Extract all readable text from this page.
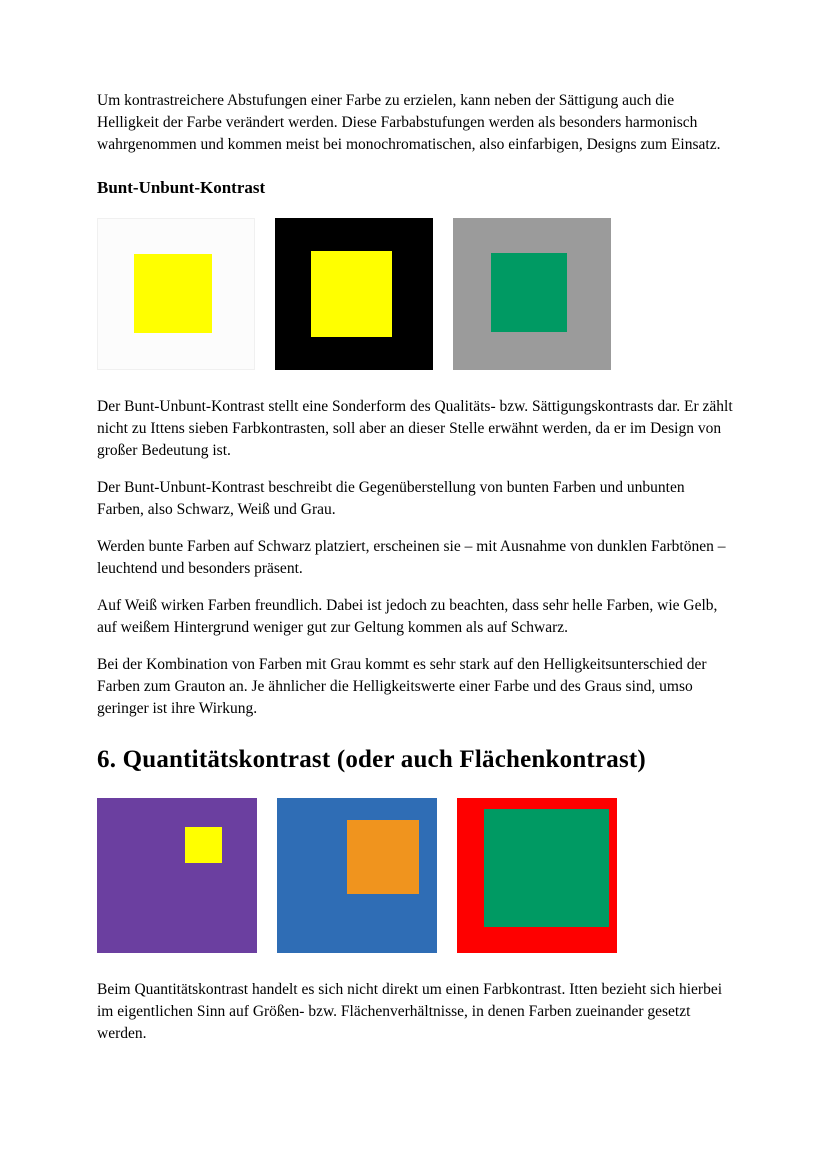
Um kontrastreichere Abstufungen einer Farbe zu erzielen, kann neben der Sättigung auch die Helligkeit der Farbe verändert werden. Diese Farbabstufungen werden als besonders harmonisch wahrgenommen und kommen meist bei monochromatischen, also einfarbigen, Designs zum Einsatz.

Bunt-Unbunt-Kontrast

Der Bunt-Unbunt-Kontrast stellt eine Sonderform des Qualitäts- bzw. Sättigungskontrasts dar. Er zählt nicht zu Ittens sieben Farbkontrasten, soll aber an dieser Stelle erwähnt werden, da er im Design von großer Bedeutung ist.

Der Bunt-Unbunt-Kontrast beschreibt die Gegenüberstellung von bunten Farben und unbunten Farben, also Schwarz, Weiß und Grau.

Werden bunte Farben auf Schwarz platziert, erscheinen sie – mit Ausnahme von dunklen Farbtönen – leuchtend und besonders präsent.

Auf Weiß wirken Farben freundlich. Dabei ist jedoch zu beachten, dass sehr helle Farben, wie Gelb, auf weißem Hintergrund weniger gut zur Geltung kommen als auf Schwarz.

Bei der Kombination von Farben mit Grau kommt es sehr stark auf den Helligkeitsunterschied der Farben zum Grauton an. Je ähnlicher die Helligkeitswerte einer Farbe und des Graus sind, umso geringer ist ihre Wirkung.

6. Quantitätskontrast (oder auch Flächenkontrast)

Beim Quantitätskontrast handelt es sich nicht direkt um einen Farbkontrast. Itten bezieht sich hierbei im eigentlichen Sinn auf Größen- bzw. Flächenverhältnisse, in denen Farben zueinander gesetzt werden.
